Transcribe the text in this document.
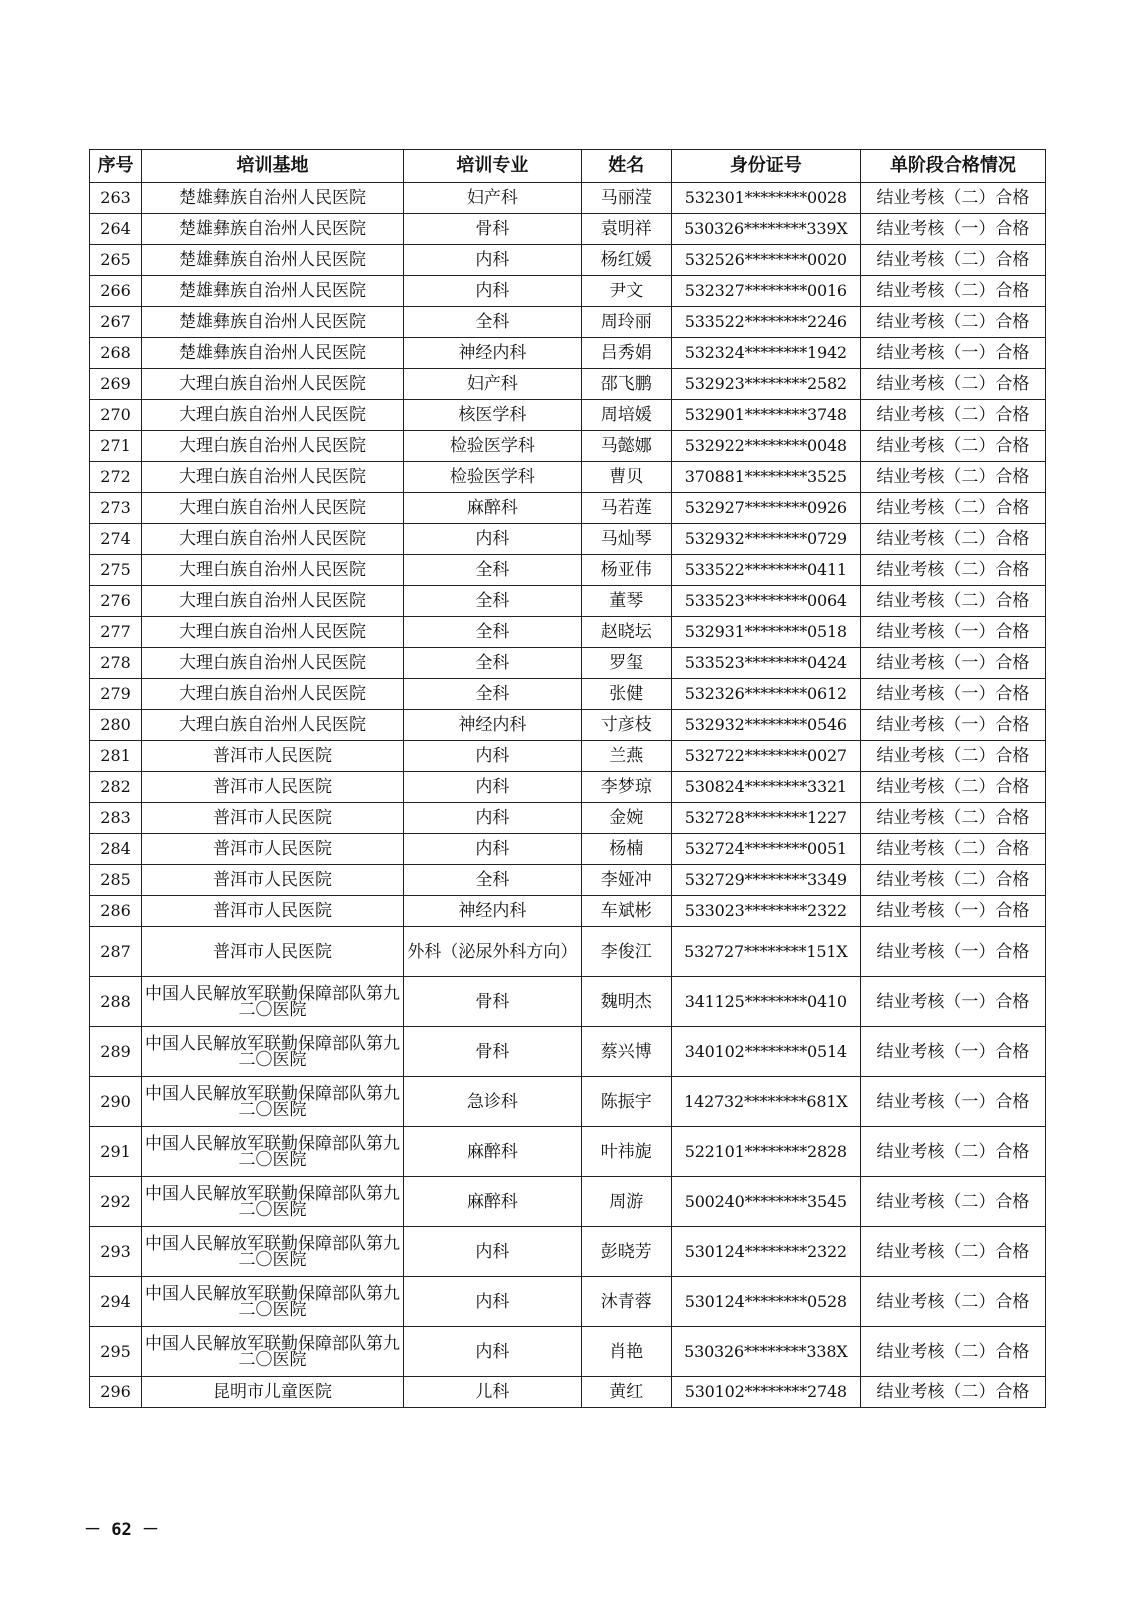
序号	培训基地	培训专业	姓名	身份证号	单阶段合格情况
263	楚雄彝族自治州人民医院	妇产科	马丽滢	532301********0028	结业考核（二）合格
264	楚雄彝族自治州人民医院	骨科	袁明祥	530326********339X	结业考核（一）合格
265	楚雄彝族自治州人民医院	内科	杨红媛	532526********0020	结业考核（二）合格
266	楚雄彝族自治州人民医院	内科	尹文	532327********0016	结业考核（二）合格
267	楚雄彝族自治州人民医院	全科	周玲丽	533522********2246	结业考核（二）合格
268	楚雄彝族自治州人民医院	神经内科	吕秀娟	532324********1942	结业考核（一）合格
269	大理白族自治州人民医院	妇产科	邵飞鹏	532923********2582	结业考核（二）合格
270	大理白族自治州人民医院	核医学科	周培媛	532901********3748	结业考核（二）合格
271	大理白族自治州人民医院	检验医学科	马懿娜	532922********0048	结业考核（二）合格
272	大理白族自治州人民医院	检验医学科	曹贝	370881********3525	结业考核（二）合格
273	大理白族自治州人民医院	麻醉科	马若莲	532927********0926	结业考核（二）合格
274	大理白族自治州人民医院	内科	马灿琴	532932********0729	结业考核（二）合格
275	大理白族自治州人民医院	全科	杨亚伟	533522********0411	结业考核（二）合格
276	大理白族自治州人民医院	全科	董琴	533523********0064	结业考核（二）合格
277	大理白族自治州人民医院	全科	赵晓坛	532931********0518	结业考核（一）合格
278	大理白族自治州人民医院	全科	罗玺	533523********0424	结业考核（一）合格
279	大理白族自治州人民医院	全科	张健	532326********0612	结业考核（一）合格
280	大理白族自治州人民医院	神经内科	寸彦枝	532932********0546	结业考核（一）合格
281	普洱市人民医院	内科	兰燕	532722********0027	结业考核（二）合格
282	普洱市人民医院	内科	李梦琼	530824********3321	结业考核（二）合格
283	普洱市人民医院	内科	金婉	532728********1227	结业考核（二）合格
284	普洱市人民医院	内科	杨楠	532724********0051	结业考核（二）合格
285	普洱市人民医院	全科	李娅冲	532729********3349	结业考核（二）合格
286	普洱市人民医院	神经内科	车斌彬	533023********2322	结业考核（一）合格
287	普洱市人民医院	外科（泌尿外科方向）	李俊江	532727********151X	结业考核（一）合格
288	中国人民解放军联勤保障部队第九二〇医院	骨科	魏明杰	341125********0410	结业考核（一）合格
289	中国人民解放军联勤保障部队第九二〇医院	骨科	蔡兴博	340102********0514	结业考核（一）合格
290	中国人民解放军联勤保障部队第九二〇医院	急诊科	陈振宇	142732********681X	结业考核（一）合格
291	中国人民解放军联勤保障部队第九二〇医院	麻醉科	叶祎旎	522101********2828	结业考核（二）合格
292	中国人民解放军联勤保障部队第九二〇医院	麻醉科	周游	500240********3545	结业考核（二）合格
293	中国人民解放军联勤保障部队第九二〇医院	内科	彭晓芳	530124********2322	结业考核（二）合格
294	中国人民解放军联勤保障部队第九二〇医院	内科	沐青蓉	530124********0528	结业考核（二）合格
295	中国人民解放军联勤保障部队第九二〇医院	内科	肖艳	530326********338X	结业考核（二）合格
296	昆明市儿童医院	儿科	黄红	530102********2748	结业考核（二）合格
－ 62 －
